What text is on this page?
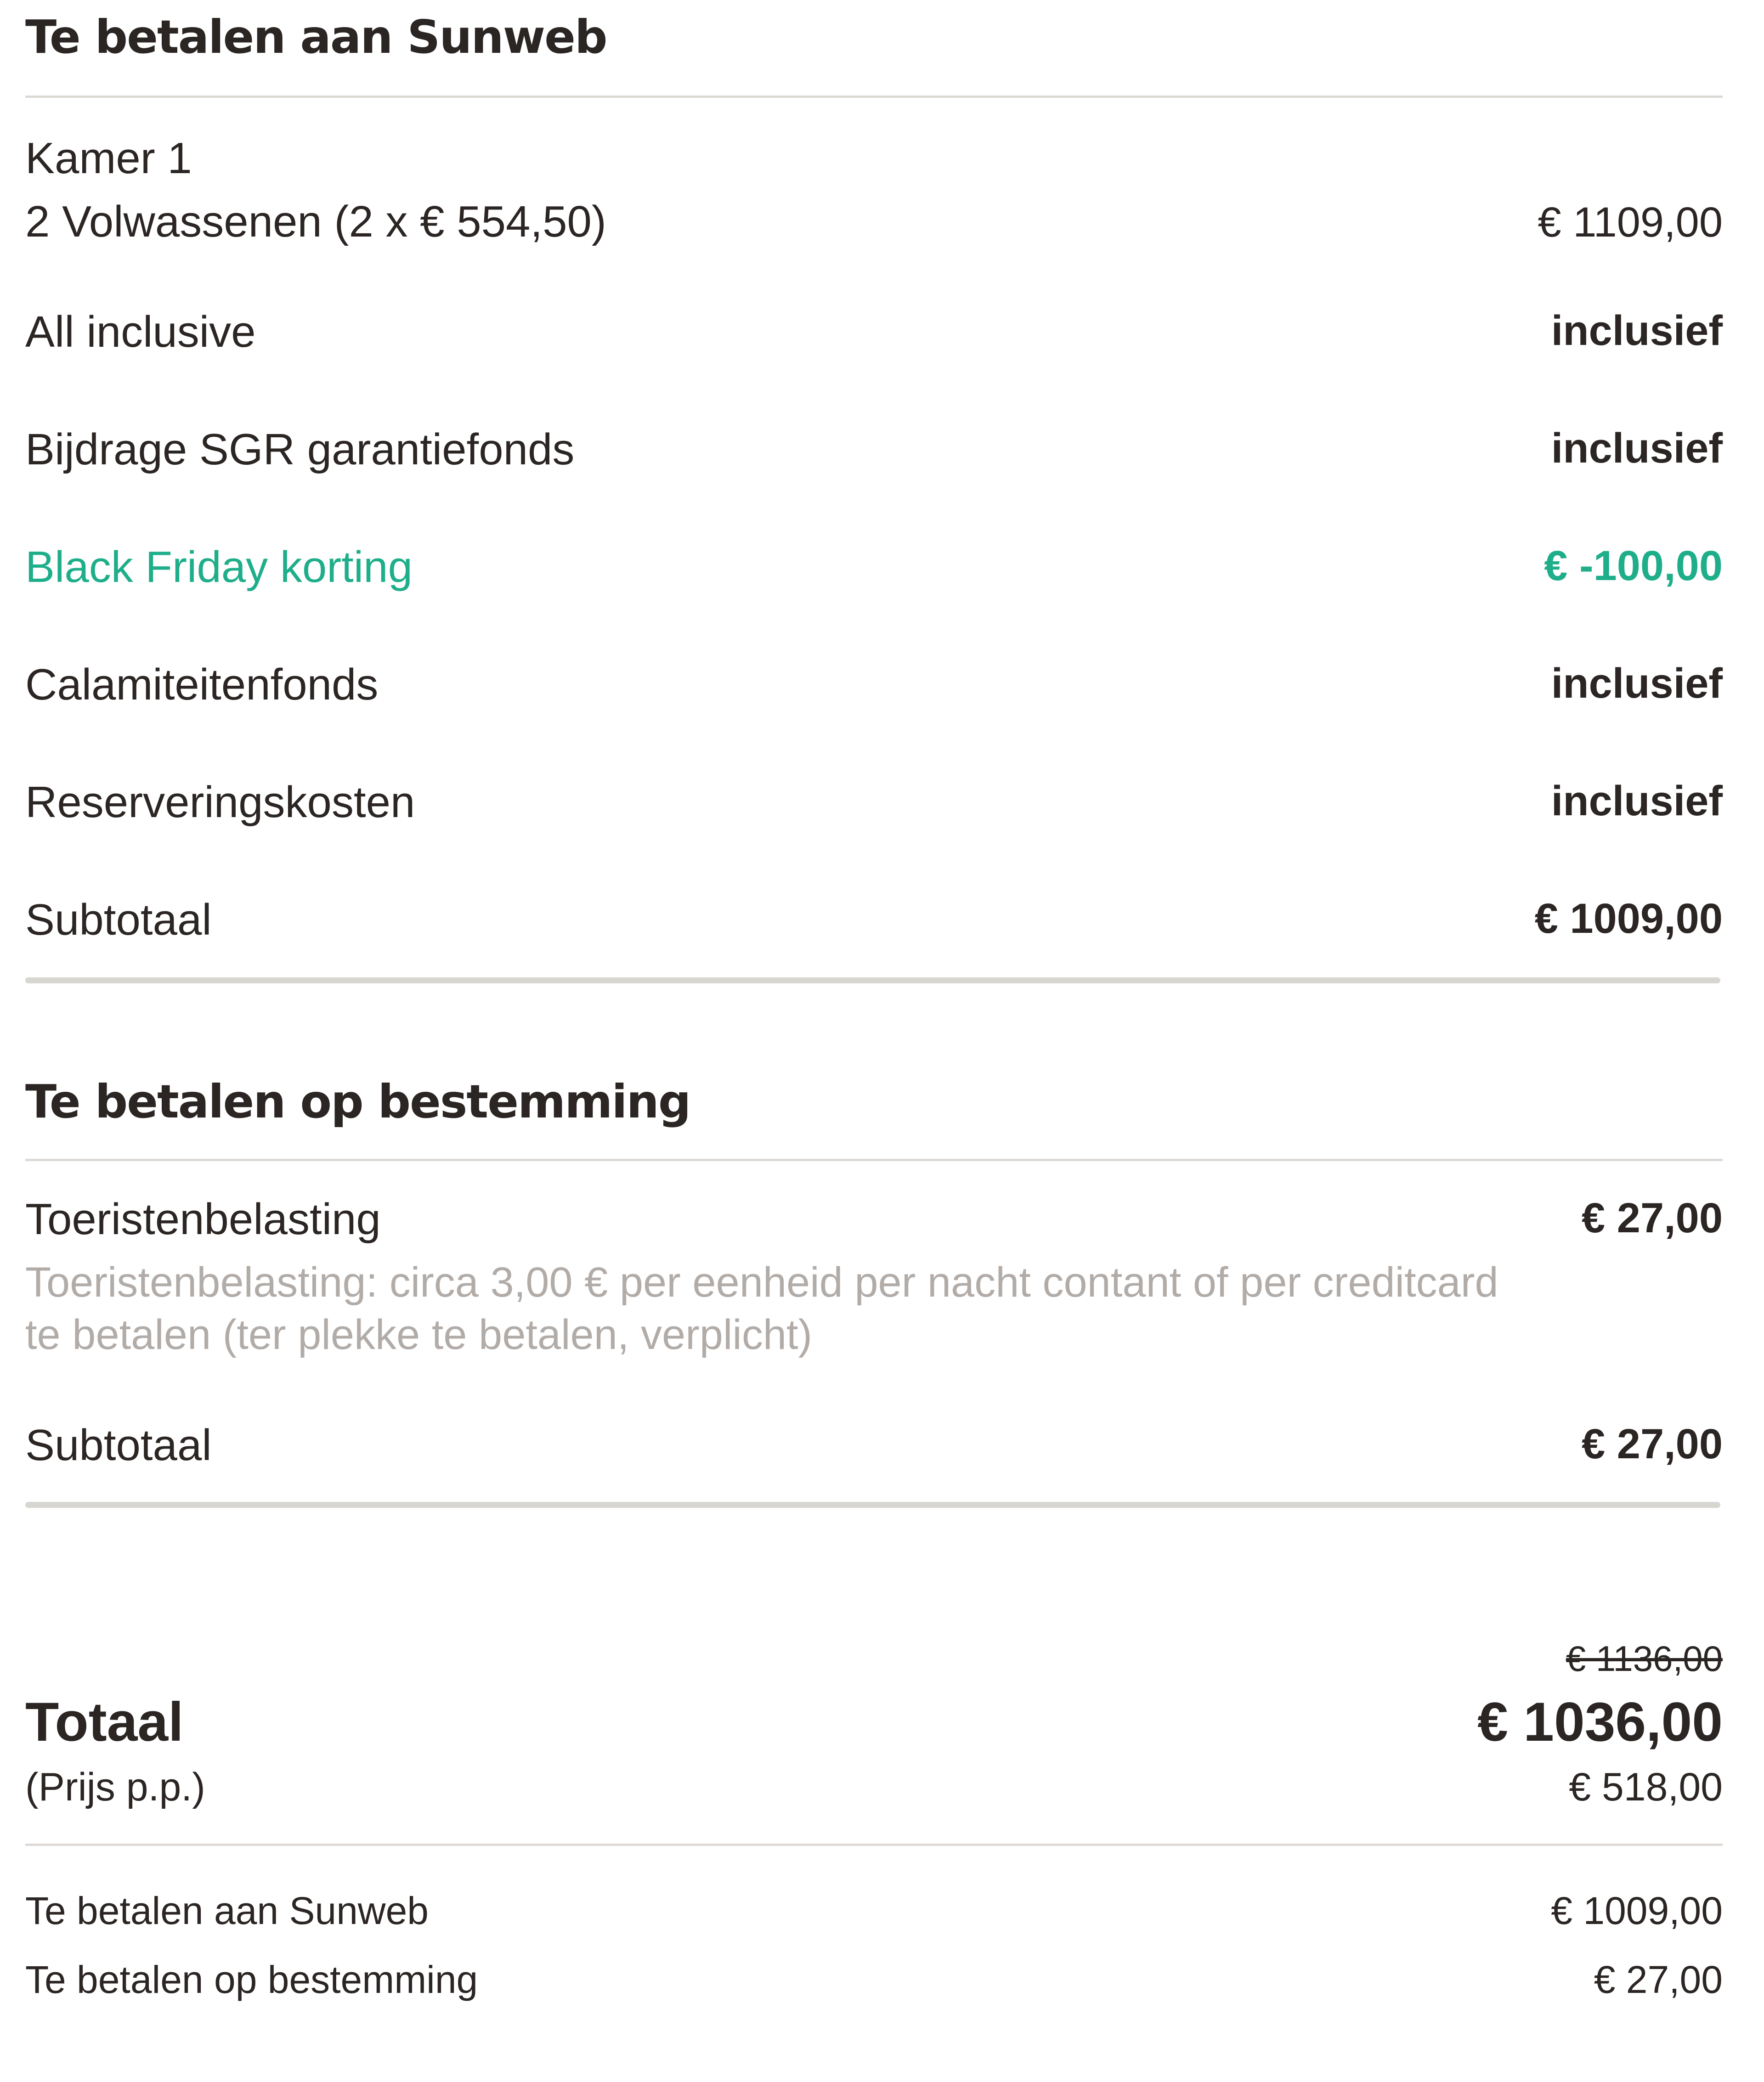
Te betalen aan Sunweb
Kamer 1
2 Volwassenen (2 x € 554,50)	€ 1109,00
All inclusive	inclusief
Bijdrage SGR garantiefonds	inclusief
Black Friday korting	€ -100,00
Calamiteitenfonds	inclusief
Reserveringskosten	inclusief
Subtotaal	€ 1009,00
Te betalen op bestemming
Toeristenbelasting	€ 27,00
Toeristenbelasting: circa 3,00 € per eenheid per nacht contant of per creditcard te betalen (ter plekke te betalen, verplicht)
Subtotaal	€ 27,00
€ 1136,00
Totaal	€ 1036,00
(Prijs p.p.)	€ 518,00
Te betalen aan Sunweb	€ 1009,00
Te betalen op bestemming	€ 27,00
